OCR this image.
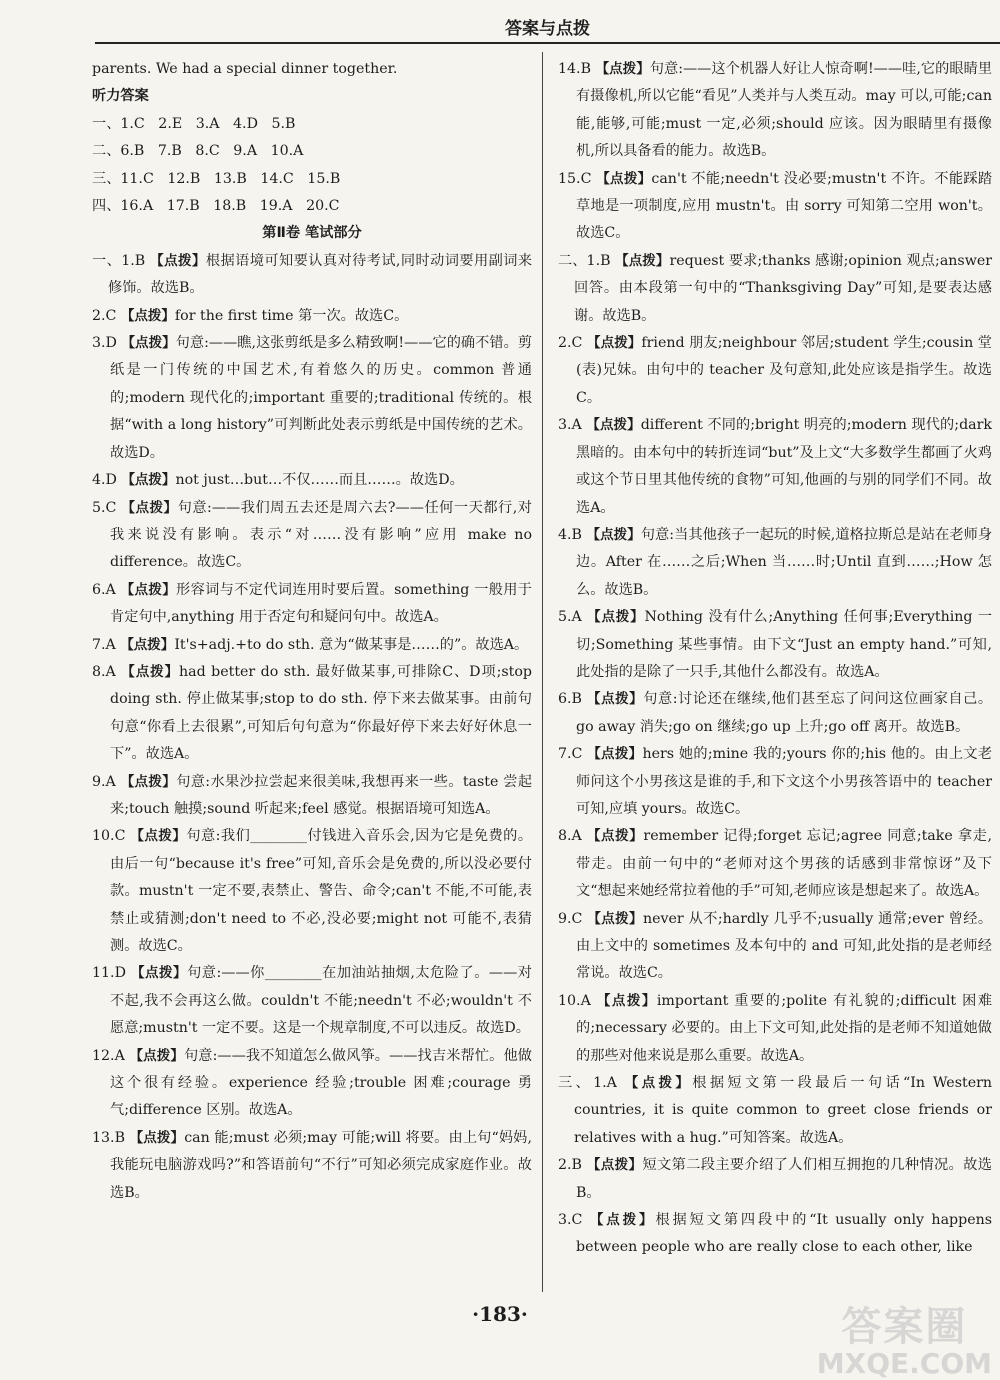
答案与点拨

parents. We had a special dinner together.

听力答案

一、1.C   2.E   3.A   4.D   5.B

二、6.B   7.B   8.C   9.A   10.A

三、11.C   12.B   13.B   14.C   15.B

四、16.A   17.B   18.B   19.A   20.C

第Ⅱ卷 笔试部分

一、1.B 【点拨】根据语境可知要认真对待考试,同时动词要用副词来修饰。故选B。

2.C 【点拨】for the first time 第一次。故选C。

3.D 【点拨】句意:——瞧,这张剪纸是多么精致啊!——它的确不错。剪纸是一门传统的中国艺术,有着悠久的历史。common 普通的;modern 现代化的;important 重要的;traditional 传统的。根据“with a long history”可判断此处表示剪纸是中国传统的艺术。故选D。

4.D 【点拨】not just…but…不仅……而且……。故选D。

5.C 【点拨】句意:——我们周五去还是周六去?——任何一天都行,对我来说没有影响。表示“对……没有影响”应用 make no difference。故选C。

6.A 【点拨】形容词与不定代词连用时要后置。something 一般用于肯定句中,anything 用于否定句和疑问句中。故选A。

7.A 【点拨】It's+adj.+to do sth. 意为“做某事是……的”。故选A。

8.A 【点拨】had better do sth. 最好做某事,可排除C、D项;stop doing sth. 停止做某事;stop to do sth. 停下来去做某事。由前句句意“你看上去很累”,可知后句句意为“你最好停下来去好好休息一下”。故选A。

9.A 【点拨】句意:水果沙拉尝起来很美味,我想再来一些。taste 尝起来;touch 触摸;sound 听起来;feel 感觉。根据语境可知选A。

10.C 【点拨】句意:我们________付钱进入音乐会,因为它是免费的。由后一句“because it's free”可知,音乐会是免费的,所以没必要付款。mustn't 一定不要,表禁止、警告、命令;can't 不能,不可能,表禁止或猜测;don't need to 不必,没必要;might not 可能不,表猜测。故选C。

11.D 【点拨】句意:——你________在加油站抽烟,太危险了。——对不起,我不会再这么做。couldn't 不能;needn't 不必;wouldn't 不愿意;mustn't 一定不要。这是一个规章制度,不可以违反。故选D。

12.A 【点拨】句意:——我不知道怎么做风筝。——找吉米帮忙。他做这个很有经验。experience 经验;trouble 困难;courage 勇气;difference 区别。故选A。

13.B 【点拨】can 能;must 必须;may 可能;will 将要。由上句“妈妈,我能玩电脑游戏吗?”和答语前句“不行”可知必须完成家庭作业。故选B。

14.B 【点拨】句意:——这个机器人好让人惊奇啊!——哇,它的眼睛里有摄像机,所以它能“看见”人类并与人类互动。may 可以,可能;can 能,能够,可能;must 一定,必须;should 应该。因为眼睛里有摄像机,所以具备看的能力。故选B。

15.C 【点拨】can't 不能;needn't 没必要;mustn't 不许。不能踩踏草地是一项制度,应用 mustn't。由 sorry 可知第二空用 won't。故选C。

二、1.B 【点拨】request 要求;thanks 感谢;opinion 观点;answer 回答。由本段第一句中的“Thanksgiving Day”可知,是要表达感谢。故选B。

2.C 【点拨】friend 朋友;neighbour 邻居;student 学生;cousin 堂(表)兄妹。由句中的 teacher 及句意知,此处应该是指学生。故选C。

3.A 【点拨】different 不同的;bright 明亮的;modern 现代的;dark 黑暗的。由本句中的转折连词“but”及上文“大多数学生都画了火鸡或这个节日里其他传统的食物”可知,他画的与别的同学们不同。故选A。

4.B 【点拨】句意:当其他孩子一起玩的时候,道格拉斯总是站在老师身边。After 在……之后;When 当……时;Until 直到……;How 怎么。故选B。

5.A 【点拨】Nothing 没有什么;Anything 任何事;Everything 一切;Something 某些事情。由下文“Just an empty hand.”可知,此处指的是除了一只手,其他什么都没有。故选A。

6.B 【点拨】句意:讨论还在继续,他们甚至忘了问问这位画家自己。go away 消失;go on 继续;go up 上升;go off 离开。故选B。

7.C 【点拨】hers 她的;mine 我的;yours 你的;his 他的。由上文老师问这个小男孩这是谁的手,和下文这个小男孩答语中的 teacher 可知,应填 yours。故选C。

8.A 【点拨】remember 记得;forget 忘记;agree 同意;take 拿走,带走。由前一句中的“老师对这个男孩的话感到非常惊讶”及下文“想起来她经常拉着他的手”可知,老师应该是想起来了。故选A。

9.C 【点拨】never 从不;hardly 几乎不;usually 通常;ever 曾经。由上文中的 sometimes 及本句中的 and 可知,此处指的是老师经常说。故选C。

10.A 【点拨】important 重要的;polite 有礼貌的;difficult 困难的;necessary 必要的。由上下文可知,此处指的是老师不知道她做的那些对他来说是那么重要。故选A。

三、1.A 【点拨】根据短文第一段最后一句话“In Western countries, it is quite common to greet close friends or relatives with a hug.”可知答案。故选A。

2.B 【点拨】短文第二段主要介绍了人们相互拥抱的几种情况。故选B。

3.C 【点拨】根据短文第四段中的“It usually only happens between people who are really close to each other, like

·183·	答案圈
MXQE.COM
